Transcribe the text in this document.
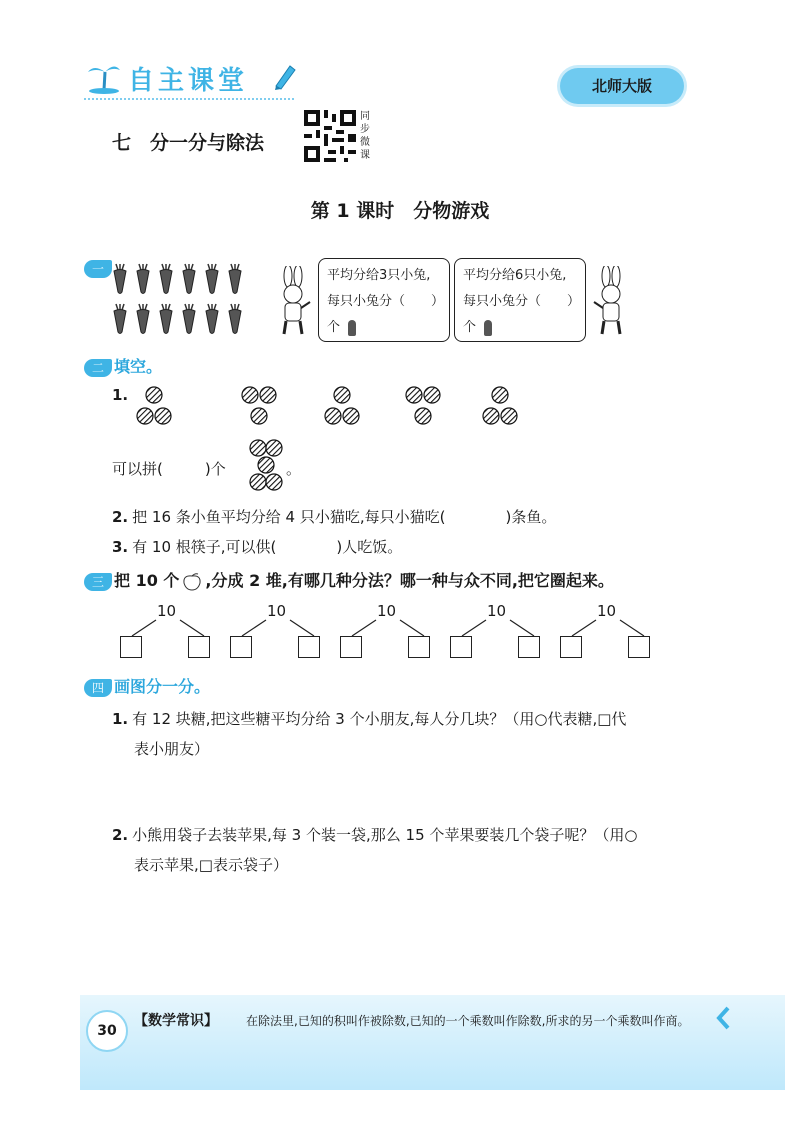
自主课堂	北师大版
七　分一分与除法
同步微课
第 1 课时　分物游戏
一	平均分给3只小兔,
每只小兔分（　　）
个
平均分给6只小兔,
每只小兔分（　　）
个
二 填空。
1.
可以拼(	)个	。
2. 把 16 条小鱼平均分给 4 只小猫吃,每只小猫吃(　　　　)条鱼。
3. 有 10 根筷子,可以供(　　　　)人吃饭。
三 把 10 个 ,分成 2 堆,有哪几种分法？哪一种与众不同,把它圈起来。
10	10	10	10	10
四 画图分一分。
1. 有 12 块糖,把这些糖平均分给 3 个小朋友,每人分几块？（用○代表糖,□代
表小朋友）
2. 小熊用袋子去装苹果,每 3 个装一袋,那么 15 个苹果要装几个袋子呢？（用○
表示苹果,□表示袋子）
30
【数学常识】 在除法里,已知的积叫作被除数,已知的一个乘数叫作除数,所求的另一个乘数叫作商。
